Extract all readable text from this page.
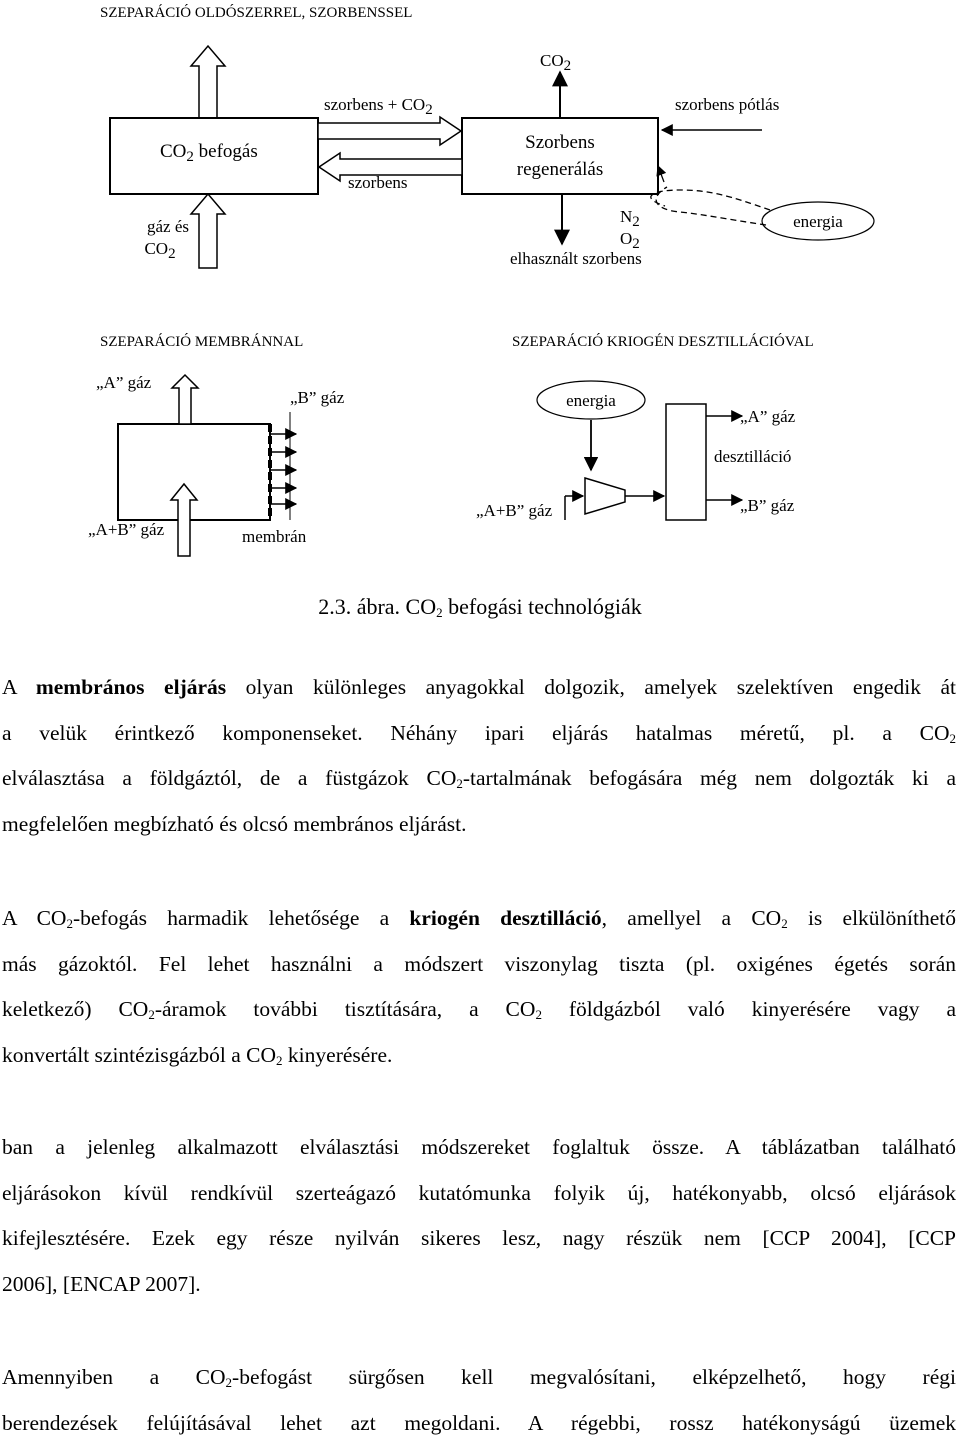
SZEPARÁCIÓ OLDÓSZERREL, SZORBENSSEL
CO2
szorbens + CO2	szorbens pótlás
$CO_2$ befogás	Szorbens
regenerálás
szorbens
gáz és
CO2
N2
O2
elhasznált szorbens
energia
SZEPARÁCIÓ MEMBRÁNNAL
„A” gáz
„B” gáz
„A+B” gáz	membrán
SZEPARÁCIÓ KRIOGÉN DESZTILLÁCIÓVAL
energia
„A+B” gáz
„A” gáz
desztilláció
„B” gáz
2.3. ábra. $CO_2$ befogási technológiák
A membrános eljárás olyan különleges anyagokkal dolgozik, amelyek szelektíven engedik át
a velük érintkező komponenseket. Néhány ipari eljárás hatalmas méretű, pl. a $CO_2$
elválasztása a földgáztól, de a füstgázok $CO_2$-tartalmának befogására még nem dolgozták ki a
megfelelően megbízható és olcsó membrános eljárást.
A $CO_2$-befogás harmadik lehetősége a kriogén desztilláció, amellyel a $CO_2$ is elkülöníthető
más gázoktól. Fel lehet használni a módszert viszonylag tiszta (pl. oxigénes égetés során
keletkező) $CO_2$-áramok további tisztítására, a $CO_2$ földgázból való kinyerésére vagy a
konvertált szintézisgázból a $CO_2$ kinyerésére.
ban a jelenleg alkalmazott elválasztási módszereket foglaltuk össze. A táblázatban található
eljárásokon kívül rendkívül szerteágazó kutatómunka folyik új, hatékonyabb, olcsó eljárások
kifejlesztésére. Ezek egy része nyilván sikeres lesz, nagy részük nem [CCP 2004], [CCP
2006], [ENCAP 2007].
Amennyiben a $CO_2$-befogást sürgősen kell megvalósítani, elképzelhető, hogy régi
berendezések felújításával lehet azt megoldani. A régebbi, rossz hatékonyságú üzemek
